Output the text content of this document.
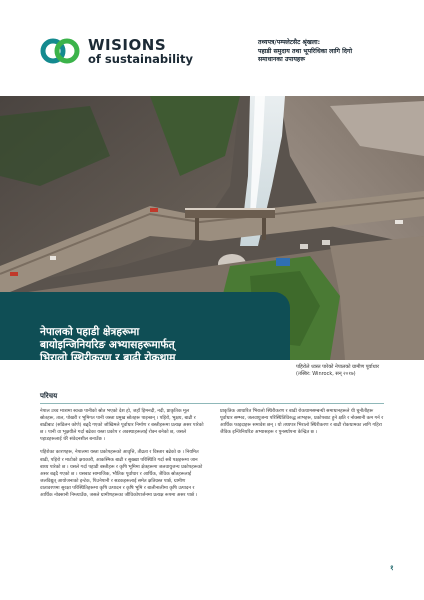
WISIONS
of sustainability
तथ्यपत्र/पम्फ्लेटसैट श्रृंखला:
पहाडी समुदाय तथा भूपरिधिका लागि दिगो
समाधानका उपायहरू
नेपालको पहाडी क्षेत्रहरूमा
बायोइन्जिनियरिङ अभ्यासहरूमार्फत्
भिरालो स्थिरीकरण र बाढी रोकथाम
पहिरोले ध्वस्त पारेको नेपालको ग्रामीण पूर्वाधार
(तस्बिर: Winrock, सन् २०१७)
परिचय

नेपाल उच्च मात्रामा स्वच्छ पानीको स्रोत भएको देश हो, जहाँ हिमनदी, नदी, प्राकृतिक मूल स्रोतहरू, ताल, पोखरी र भूमिगत पानी जस्ता प्रमुख स्रोतहरू पाइन्छन् । पहिरो, भूक्षय, बाढी र बाढीबाट (सडिलन कोणे) बढ्दै गएको जोखिमले पूर्वाधार निर्माण र बस्तीहरूमा प्रत्यक्ष असर पारेको छ । पानी वा भूक्षयीले गर्दा बढेका यस्ता प्रकोप र अवस्थाहरूलाई रोक्न बनेको छ, जसले पहाडहरूलाई धेरै संवेदनशील बनाउँछ ।

पहिरोका कारणहरू, नेपालमा यस्ता प्रकोपहरूको आवृत्ति, तीव्रता र विस्तार बढेको छ । नियमित बाढी, पहिरो र माटोको क्षयकारी, आकस्मिक बाढी र सुख्खा परिस्थिति गर्दा सबै पक्षहरूमा जान बाध्य पारेको छ । यसले गर्दा पहाडी बस्तीहरू र कृषि भूमिमा क्षेत्रहरूमा जलवायुजन्य प्रकोपहरूको असर बढ्दै गएको छ । यसबाट सामाजिक, भौतिक पूर्वाधार र आर्थिक, जैविक स्रोतहरूलाई जलविद्युत् आयोजनाको इन्टेक, पिउनेपानी र सडकहरूलाई समेत क्षतिग्रस्त पार्छ, ग्रामीण वातावरणमा सुरक्षा परिस्थितिहरूमा कृषि उत्पादन र कृषि भूमि र बालीनालीमा कृषि उत्पादन र आर्थिक नोक्सानी निम्त्याउँछ, जसले ग्रामीणहरूका जीविकोपार्जनमा प्रत्यक्ष रूपमा असर पार्छ ।

प्राकृतिक आधारित भिरालो स्थिरीकरण र बाढी रोकथामसम्बन्धी समाधानहरूले यी चुनौतीहरू पूर्वाधार सम्भव, जलवायुजन्य परिस्थितिविरुद्ध लाभहरू, प्रकोपबाट हुने क्षति र नोक्सानी कम गर्न र आर्थिक फाइदाहरू समावेश छन् । यो तथ्यपत्र भिरालो स्थिरीकरण र बाढी रोकथामका लागि गहिरा जैविक इन्जिनियरिङ अभ्यासहरू र पुनर्स्थापना केन्द्रित छ ।

१
